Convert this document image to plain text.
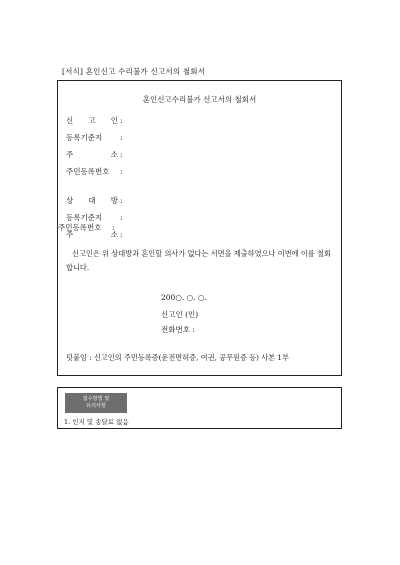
[서식] 혼인신고 수리불가 신고서의 철회서
혼인신고수리불가 신고서의 철회서
신 고 인 :
등록기준지 :
주 소 :
주민등록번호 :
상 대 방 :
등록기준지 :
주 소 :
주민등록번호 :
신고인은 위 상대방과 혼인할 의사가 없다는 서면을 제출하였으나 이번에 이를 철회합니다.
200○. ○. ○.
신고인 (인)
전화번호 :
덧붙임 : 신고인의 주민등록증(운전면허증, 여권, 공무원증 등) 사본 1부
접수방법 및
유의사항
1. 인지 및 송달료 없음
